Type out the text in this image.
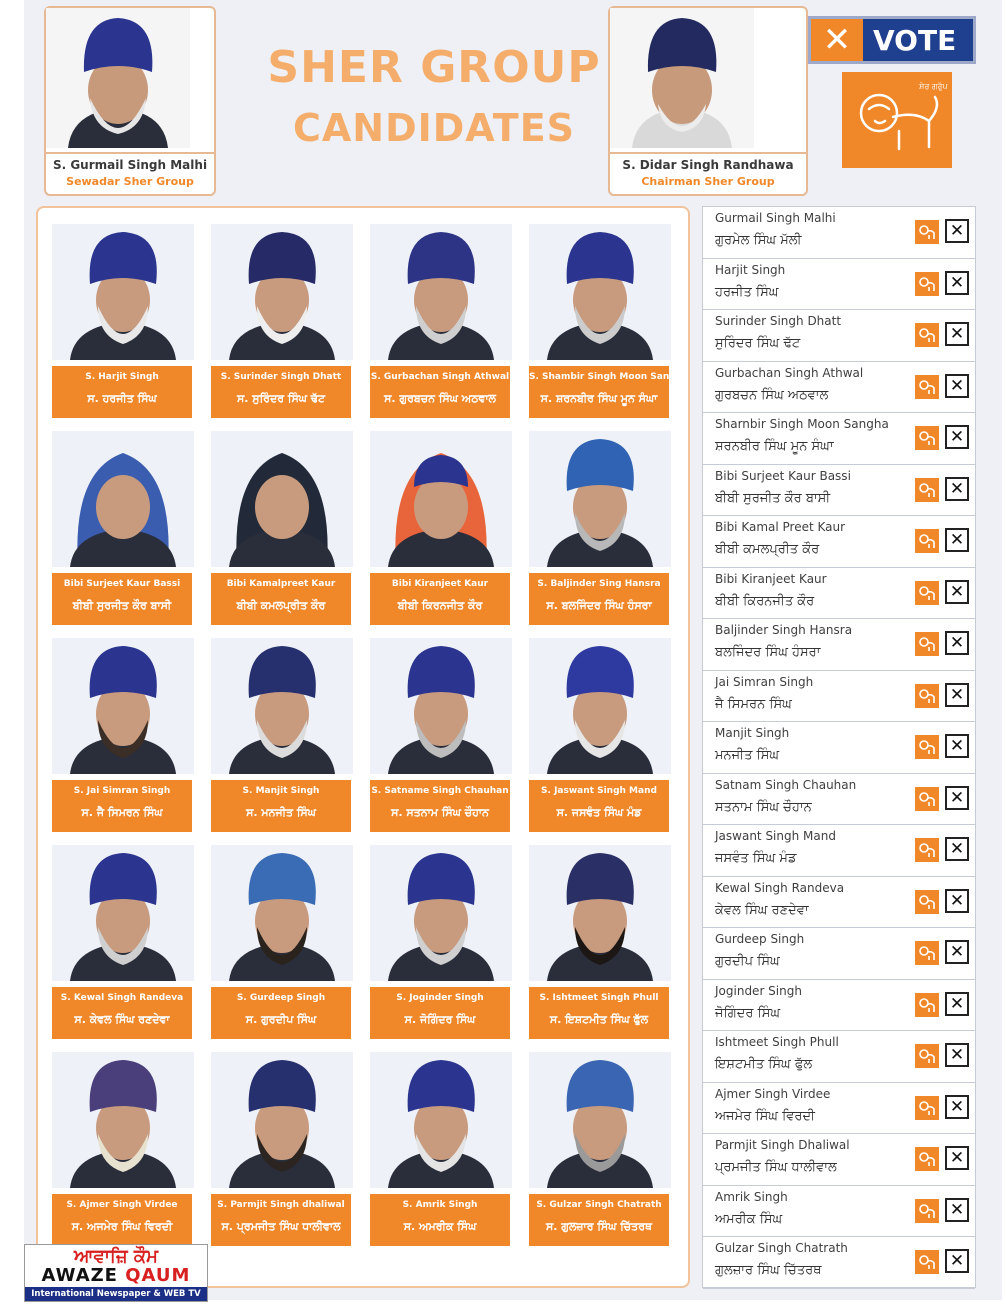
S. Gurmail Singh Malhi
Sewadar Sher Group
SHER GROUP
CANDIDATES
S. Didar Singh Randhawa
Chairman Sher Group
✕ VOTE
ਸ਼ੇਰ ਗਰੁੱਪ
S. Harjit Singh
ਸ. ਹਰਜੀਤ ਸਿੰਘ
S. Surinder Singh Dhatt
ਸ. ਸੁਰਿੰਦਰ ਸਿੰਘ ਢੱਟ
S. Gurbachan Singh Athwal
ਸ. ਗੁਰਬਚਨ ਸਿੰਘ ਅਠਵਾਲ
S. Shambir Singh Moon Sangha
ਸ. ਸ਼ਰਨਬੀਰ ਸਿੰਘ ਮੂਨ ਸੰਘਾ
Bibi Surjeet Kaur Bassi
ਬੀਬੀ ਸੁਰਜੀਤ ਕੌਰ ਬਾਸੀ
Bibi Kamalpreet Kaur
ਬੀਬੀ ਕਮਲਪ੍ਰੀਤ ਕੌਰ
Bibi Kiranjeet Kaur
ਬੀਬੀ ਕਿਰਨਜੀਤ ਕੌਰ
S. Baljinder Sing Hansra
ਸ. ਬਲਜਿੰਦਰ ਸਿੰਘ ਹੰਸਰਾ
S. Jai Simran Singh
ਸ. ਜੈ ਸਿਮਰਨ ਸਿੰਘ
S. Manjit Singh
ਸ. ਮਨਜੀਤ ਸਿੰਘ
S. Satname Singh Chauhan
ਸ. ਸਤਨਾਮ ਸਿੰਘ ਚੌਹਾਨ
S. Jaswant Singh Mand
ਸ. ਜਸਵੰਤ ਸਿੰਘ ਮੰਡ
S. Kewal Singh Randeva
ਸ. ਕੇਵਲ ਸਿੰਘ ਰਣਦੇਵਾ
S. Gurdeep Singh
ਸ. ਗੁਰਦੀਪ ਸਿੰਘ
S. Joginder Singh
ਸ. ਜੋਗਿੰਦਰ ਸਿੰਘ
S. Ishtmeet Singh Phull
ਸ. ਇਸ਼ਟਮੀਤ ਸਿੰਘ ਫੁੱਲ
S. Ajmer Singh Virdee
ਸ. ਅਜਮੇਰ ਸਿੰਘ ਵਿਰਦੀ
S. Parmjit Singh dhaliwal
ਸ. ਪ੍ਰਮਜੀਤ ਸਿੰਘ ਧਾਲੀਵਾਲ
S. Amrik Singh
ਸ. ਅਮਰੀਕ ਸਿੰਘ
S. Gulzar Singh Chatrath
ਸ. ਗੁਲਜ਼ਾਰ ਸਿੰਘ ਚਿੱਤਰਥ
Gurmail Singh Malhi
ਗੁਰਮੇਲ ਸਿੰਘ ਮੱਲੀ	✕
Harjit Singh
ਹਰਜੀਤ ਸਿੰਘ	✕
Surinder Singh Dhatt
ਸੁਰਿੰਦਰ ਸਿੰਘ ਢੱਟ	✕
Gurbachan Singh Athwal
ਗੁਰਬਚਨ ਸਿੰਘ ਅਠਵਾਲ	✕
Sharnbir Singh Moon Sangha
ਸ਼ਰਨਬੀਰ ਸਿੰਘ ਮੂਨ ਸੰਘਾ	✕
Bibi Surjeet Kaur Bassi
ਬੀਬੀ ਸੁਰਜੀਤ ਕੌਰ ਬਾਸੀ	✕
Bibi Kamal Preet Kaur
ਬੀਬੀ ਕਮਲਪ੍ਰੀਤ ਕੌਰ	✕
Bibi Kiranjeet Kaur
ਬੀਬੀ ਕਿਰਨਜੀਤ ਕੌਰ	✕
Baljinder Singh Hansra
ਬਲਜਿੰਦਰ ਸਿੰਘ ਹੰਸਰਾ	✕
Jai Simran Singh
ਜੈ ਸਿਮਰਨ ਸਿੰਘ	✕
Manjit Singh
ਮਨਜੀਤ ਸਿੰਘ	✕
Satnam Singh Chauhan
ਸਤਨਾਮ ਸਿੰਘ ਚੌਹਾਨ	✕
Jaswant Singh Mand
ਜਸਵੰਤ ਸਿੰਘ ਮੰਡ	✕
Kewal Singh Randeva
ਕੇਵਲ ਸਿੰਘ ਰਣਦੇਵਾ	✕
Gurdeep Singh
ਗੁਰਦੀਪ ਸਿੰਘ	✕
Joginder Singh
ਜੋਗਿੰਦਰ ਸਿੰਘ	✕
Ishtmeet Singh Phull
ਇਸ਼ਟਮੀਤ ਸਿੰਘ ਫੁੱਲ	✕
Ajmer Singh Virdee
ਅਜਮੇਰ ਸਿੰਘ ਵਿਰਦੀ	✕
Parmjit Singh Dhaliwal
ਪ੍ਰਮਜੀਤ ਸਿੰਘ ਧਾਲੀਵਾਲ	✕
Amrik Singh
ਅਮਰੀਕ ਸਿੰਘ	✕
Gulzar Singh Chatrath
ਗੁਲਜ਼ਾਰ ਸਿੰਘ ਚਿੱਤਰਥ	✕
ਆਵਾਜ਼ਿ ਕੌਮ
AWAZE QAUM
International Newspaper & WEB TV
